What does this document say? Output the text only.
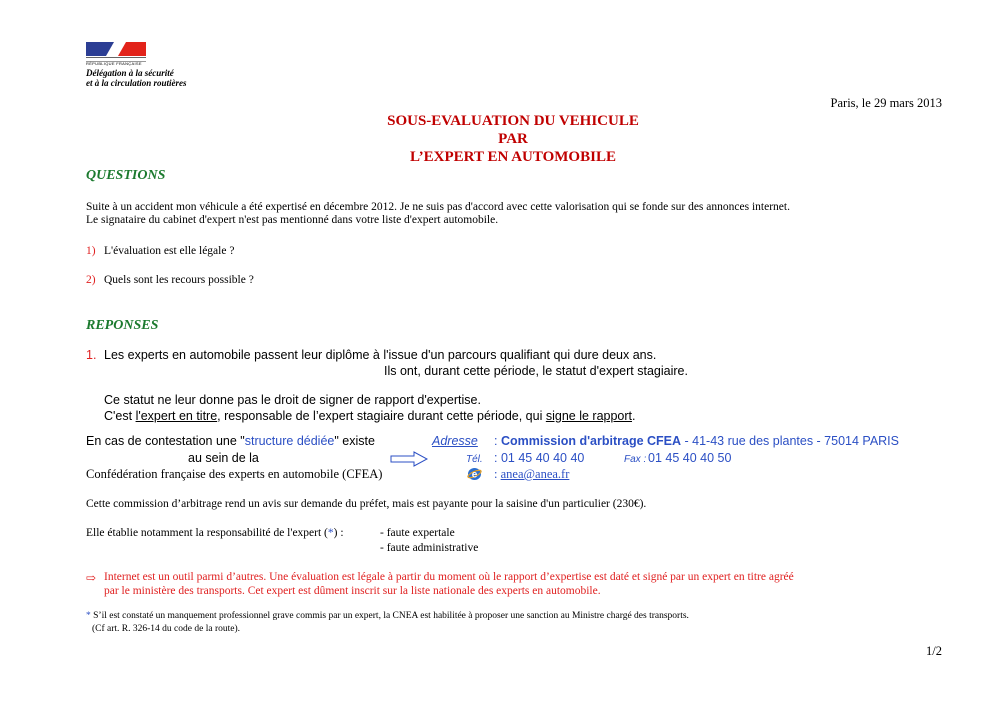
RÉPUBLIQUE FRANÇAISE
Délégation à la sécurité
et à la circulation routières
Paris, le 29 mars 2013
SOUS-EVALUATION DU VEHICULE
PAR
L’EXPERT EN AUTOMOBILE
QUESTIONS
Suite à un accident mon véhicule a été expertisé en décembre 2012. Je ne suis pas d'accord avec cette valorisation qui se fonde sur des annonces internet.
Le signataire du cabinet d'expert n'est pas mentionné dans votre liste d'expert automobile.
1) L'évaluation est elle légale ?
2) Quels sont les recours possible ?
REPONSES
1. Les experts en automobile passent leur diplôme à l'issue d'un parcours qualifiant qui dure deux ans.
Ils ont, durant cette période, le statut d'expert stagiaire.
Ce statut ne leur donne pas le droit de signer de rapport d'expertise.
C'est l'expert en titre, responsable de l’expert stagiaire durant cette période, qui signe le rapport.
En cas de contestation une "structure dédiée" existe
au sein de la
Confédération française des experts en automobile (CFEA)
Adresse : Commission d'arbitrage CFEA - 41-43 rue des plantes - 75014 PARIS
Tél. : 01 45 40 40 40	Fax : 01 45 40 40 50
e : anea@anea.fr
Cette commission d’arbitrage rend un avis sur demande du préfet, mais est payante pour la saisine d'un particulier (230€).
Elle établie notamment la responsabilité de l'expert (*) :	- faute expertale
- faute administrative
⇨ Internet est un outil parmi d’autres. Une évaluation est légale à partir du moment où le rapport d’expertise est daté et signé par un expert en titre agréé
par le ministère des transports. Cet expert est dûment inscrit sur la liste nationale des experts en automobile.
* S’il est constaté un manquement professionnel grave commis par un expert, la CNEA est habilitée à proposer une sanction au Ministre chargé des transports.
(Cf art. R. 326-14 du code de la route).
1/2
